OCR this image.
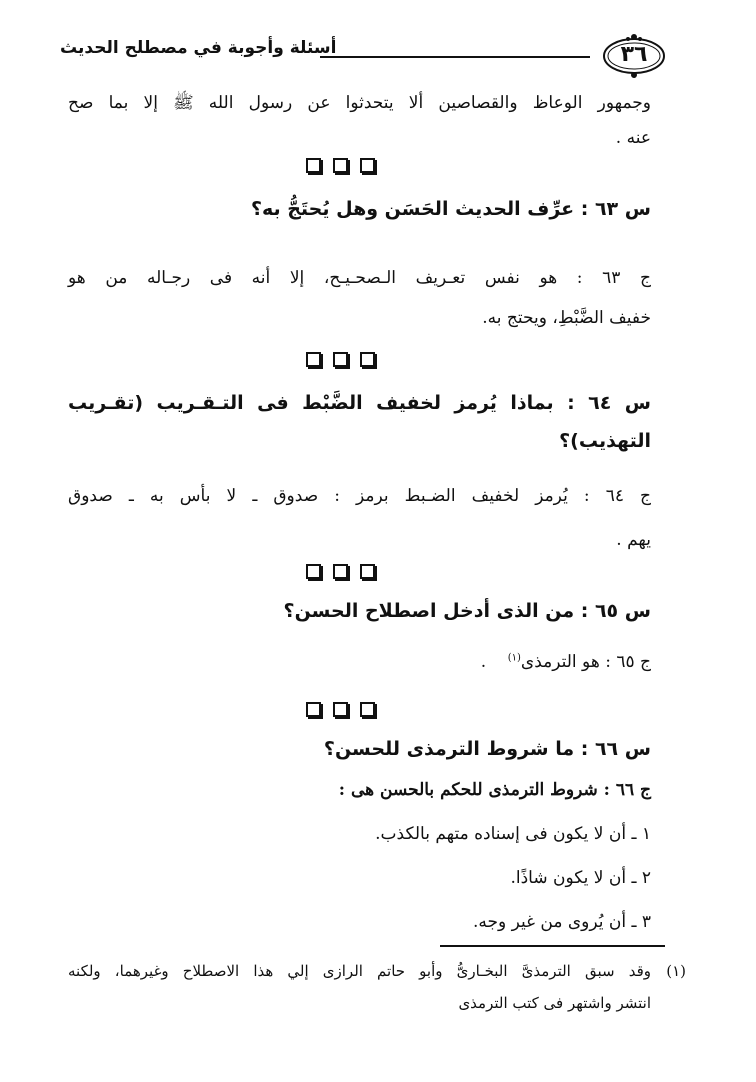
أسئلة وأجوبة في مصطلح الحديث	٣٦
وجمهور الوعاظ والقصاصين ألا يتحدثوا عن رسول الله ﷺ إلا بما صح
عنه .
س ٦٣ : عرِّف الحديث الحَسَن وهل يُحتَجُّ به؟
ج ٦٣ : هو نفس تعـريف الـصحـيـح، إلا أنه فى رجـاله من هو
خفيف الضَّبْطِ، ويحتج به.
س ٦٤ : بماذا يُرمز لخفيف الضَّبْط فى التـقـريب (تقـريب
التهذيب)؟
ج ٦٤ : يُرمز لخفيف الضـبط برمز : صدوق ـ لا بأس به ـ صدوق
يهم .
س ٦٥ : من الذى أدخل اصطلاح الحسن؟
ج ٦٥ : هو الترمذى$^{(١)}$    .
س ٦٦ : ما شروط الترمذى للحسن؟
ج ٦٦ : شروط الترمذى للحكم بالحسن هى :
١ ـ أن لا يكون فى إسناده متهم بالكذب.
٢ ـ أن لا يكون شاذًا.
٣ ـ أن يُروى من غير وجه.
(١)
وقد سبق الترمذىَّ البخـارىُّ وأبو حاتم الرازى إلي هذا الاصطلاح وغيرهما، ولكنه
انتشر واشتهر فى كتب الترمذى
